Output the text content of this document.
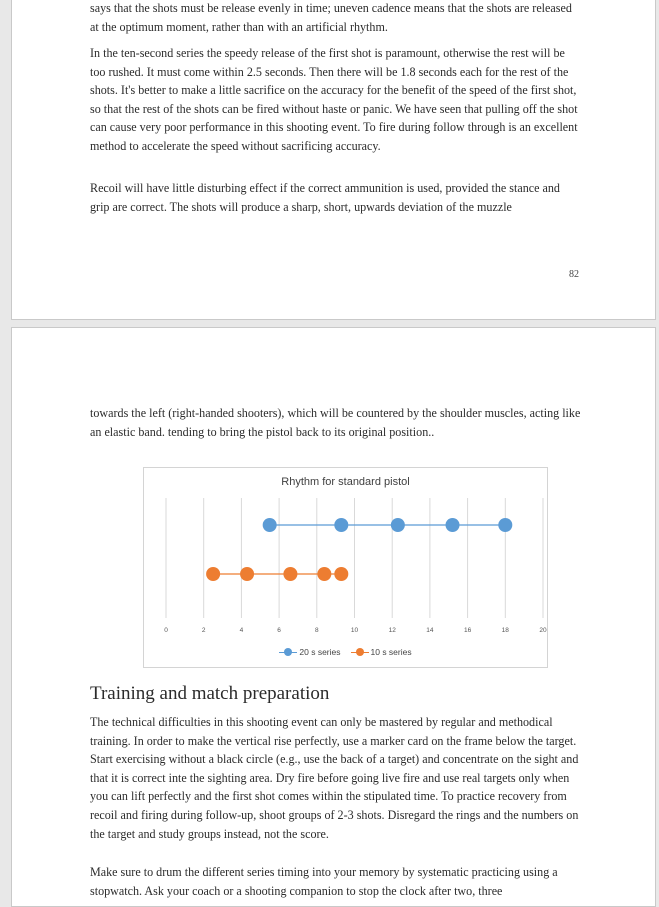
says that the shots must be release evenly in time; uneven cadence means that the shots are released at the optimum moment, rather than with an artificial rhythm.

In the ten-second series the speedy release of the first shot is paramount, otherwise the rest will be too rushed. It must come within 2.5 seconds. Then there will be 1.8 seconds each for the rest of the shots. It's better to make a little sacrifice on the accuracy for the benefit of the speed of the first shot, so that the rest of the shots can be fired without haste or panic. We have seen that pulling off the shot can cause very poor performance in this shooting event. To fire during follow through is an excellent method to accelerate the speed without sacrificing accuracy.

Recoil will have little disturbing effect if the correct ammunition is used, provided the stance and grip are correct. The shots will produce a sharp, short, upwards deviation of the muzzle

82

towards the left (right-handed shooters), which will be countered by the shoulder muscles, acting like an elastic band. tending to bring the pistol back to its original position..

Rhythm for standard pistol
0	2	4	6	8	10	12	14	16	18	20
20 s series	10 s series
Training and match preparation

The technical difficulties in this shooting event can only be mastered by regular and methodical training. In order to make the vertical rise perfectly, use a marker card on the frame below the target. Start exercising without a black circle (e.g., use the back of a target) and concentrate on the sight and that it is correct inte the sighting area. Dry fire before going live fire and use real targets only when you can lift perfectly and the first shot comes within the stipulated time. To practice recovery from recoil and firing during follow-up, shoot groups of 2-3 shots. Disregard the rings and the numbers on the target and study groups instead, not the score.

Make sure to drum the different series timing into your memory by systematic practicing using a stopwatch. Ask your coach or a shooting companion to stop the clock after two, three
